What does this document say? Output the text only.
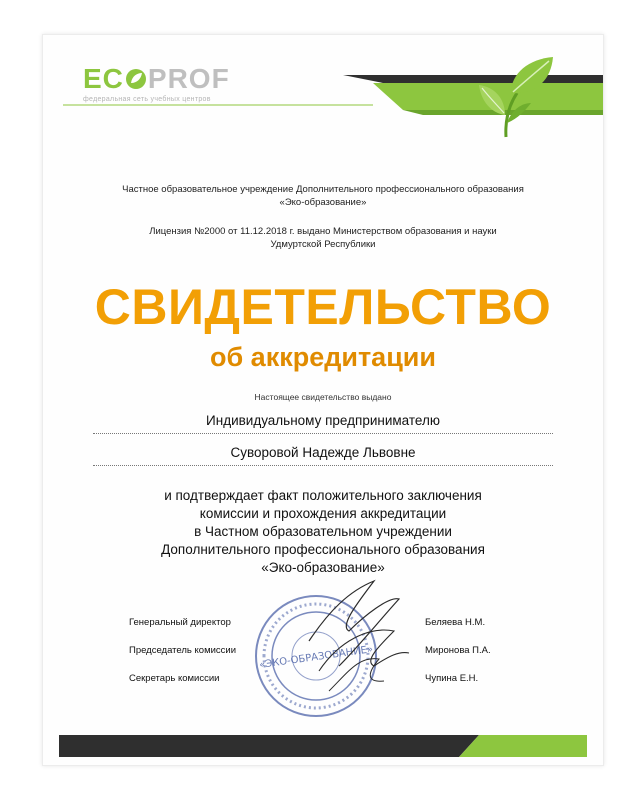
EC PROF
федеральная сеть учебных центров
Частное образовательное учреждение Дополнительного профессионального образования
«Эко-образование»
Лицензия №2000 от 11.12.2018 г. выдано Министерством образования и науки
Удмуртской Республики
СВИДЕТЕЛЬСТВО
об аккредитации
Настоящее свидетельство выдано
Индивидуальному предпринимателю
Суворовой Надежде Львовне
и подтверждает факт положительного заключения
комиссии и прохождения аккредитации
в Частном образовательном учреждении
Дополнительного профессионального образования
«Эко-образование»
Генеральный директор
Председатель комиссии
Секретарь комиссии
Беляева Н.М.
Миронова П.А.
Чупина Е.Н.
«ЭКО-ОБРАЗОВАНИЕ»
